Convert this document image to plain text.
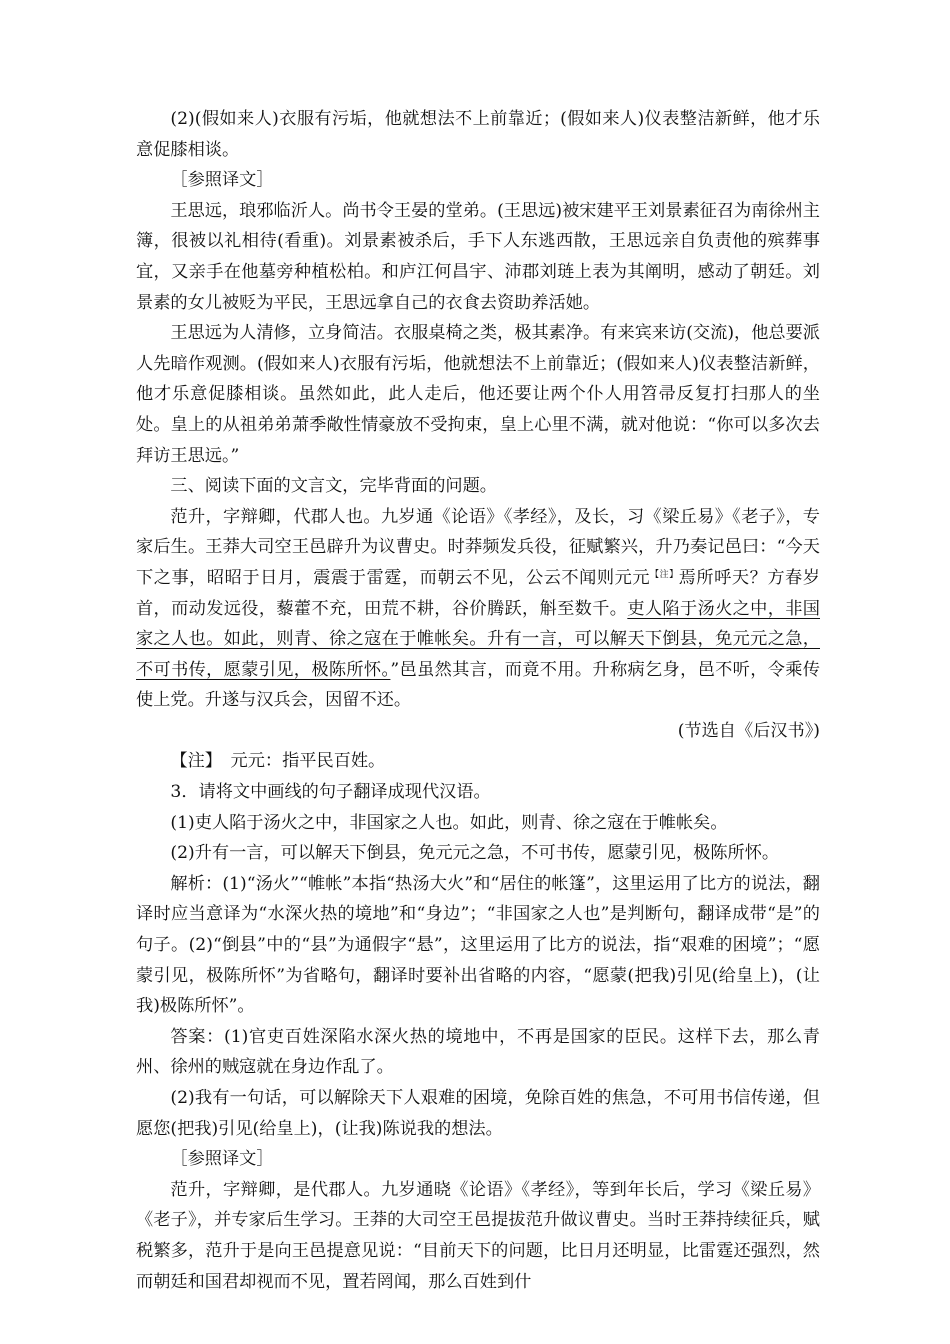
(2)(假如来人)衣服有污垢，他就想法不上前靠近；(假如来人)仪表整洁新鲜，他才乐意促膝相谈。

［参照译文］

王思远，琅邪临沂人。尚书令王晏的堂弟。(王思远)被宋建平王刘景素征召为南徐州主簿，很被以礼相待(看重)。刘景素被杀后，手下人东逃西散，王思远亲自负责他的殡葬事宜，又亲手在他墓旁种植松柏。和庐江何昌宇、沛郡刘琏上表为其阐明，感动了朝廷。刘景素的女儿被贬为平民，王思远拿自己的衣食去资助养活她。

王思远为人清修，立身简洁。衣服桌椅之类，极其素净。有来宾来访(交流)，他总要派人先暗作观测。(假如来人)衣服有污垢，他就想法不上前靠近；(假如来人)仪表整洁新鲜，他才乐意促膝相谈。虽然如此，此人走后，他还要让两个仆人用笤帚反复打扫那人的坐处。皇上的从祖弟弟萧季敞性情豪放不受拘束，皇上心里不满，就对他说：“你可以多次去拜访王思远。”

三、阅读下面的文言文，完毕背面的问题。

范升，字辩卿，代郡人也。九岁通《论语》《孝经》，及长，习《梁丘易》《老子》，专家后生。王莽大司空王邑辟升为议曹史。时莽频发兵役，征赋繁兴，升乃奏记邑曰：“今天下之事，昭昭于日月，震震于雷霆，而朝云不见，公云不闻则元元$^{【注】}$焉所呼天？方春岁首，而动发远役，藜藿不充，田荒不耕，谷价腾跃，斛至数千。吏人陷于汤火之中，非国家之人也。如此，则青、徐之寇在于帷帐矣。升有一言，可以解天下倒县，免元元之急，不可书传，愿蒙引见，极陈所怀。”邑虽然其言，而竟不用。升称病乞身，邑不听，令乘传使上党。升遂与汉兵会，因留不还。

(节选自《后汉书》)

【注】　元元：指平民百姓。

3．请将文中画线的句子翻译成现代汉语。

(1)吏人陷于汤火之中，非国家之人也。如此，则青、徐之寇在于帷帐矣。

(2)升有一言，可以解天下倒县，免元元之急，不可书传，愿蒙引见，极陈所怀。

解析：(1)“汤火”“帷帐”本指“热汤大火”和“居住的帐篷”，这里运用了比方的说法，翻译时应当意译为“水深火热的境地”和“身边”；“非国家之人也”是判断句，翻译成带“是”的句子。(2)“倒县”中的“县”为通假字“悬”，这里运用了比方的说法，指“艰难的困境”；“愿蒙引见，极陈所怀”为省略句，翻译时要补出省略的内容，“愿蒙(把我)引见(给皇上)，(让我)极陈所怀”。

答案：(1)官吏百姓深陷水深火热的境地中，不再是国家的臣民。这样下去，那么青州、徐州的贼寇就在身边作乱了。

(2)我有一句话，可以解除天下人艰难的困境，免除百姓的焦急，不可用书信传递，但愿您(把我)引见(给皇上)，(让我)陈说我的想法。

［参照译文］

范升，字辩卿，是代郡人。九岁通晓《论语》《孝经》，等到年长后，学习《梁丘易》《老子》，并专家后生学习。王莽的大司空王邑提拔范升做议曹史。当时王莽持续征兵，赋税繁多，范升于是向王邑提意见说：“目前天下的问题，比日月还明显，比雷霆还强烈，然而朝廷和国君却视而不见，置若罔闻，那么百姓到什
